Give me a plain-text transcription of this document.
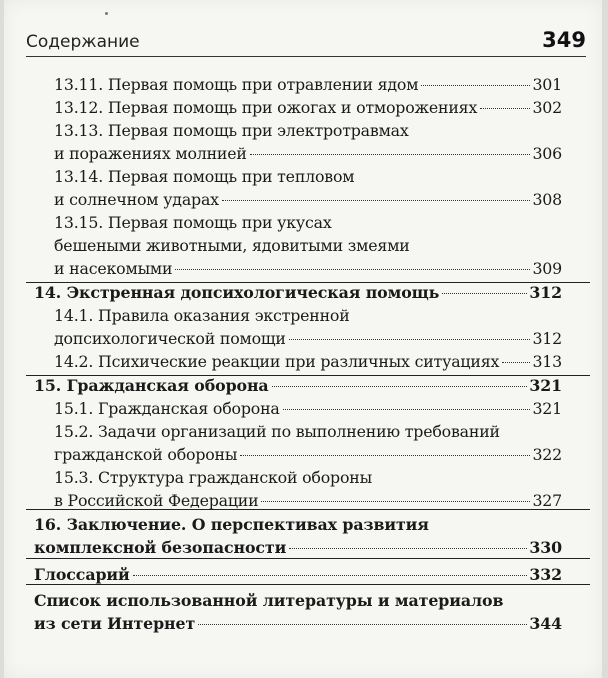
Содержание	349
13.11. Первая помощь при отравлении ядом	301
13.12. Первая помощь при ожогах и отморожениях	302
13.13. Первая помощь при электротравмах
и поражениях молнией	306
13.14. Первая помощь при тепловом
и солнечном ударах	308
13.15. Первая помощь при укусах
бешеными животными, ядовитыми змеями
и насекомыми	309
14. Экстренная допсихологическая помощь	312
14.1. Правила оказания экстренной
допсихологической помощи	312
14.2. Психические реакции при различных ситуациях 313
15. Гражданская оборона	321
15.1. Гражданская оборона	321
15.2. Задачи организаций по выполнению требований
гражданской обороны	322
15.3. Структура гражданской обороны
в Российской Федерации	327
16. Заключение. О перспективах развития
комплексной безопасности	330
Глоссарий	332
Список использованной литературы и материалов
из сети Интернет	344
